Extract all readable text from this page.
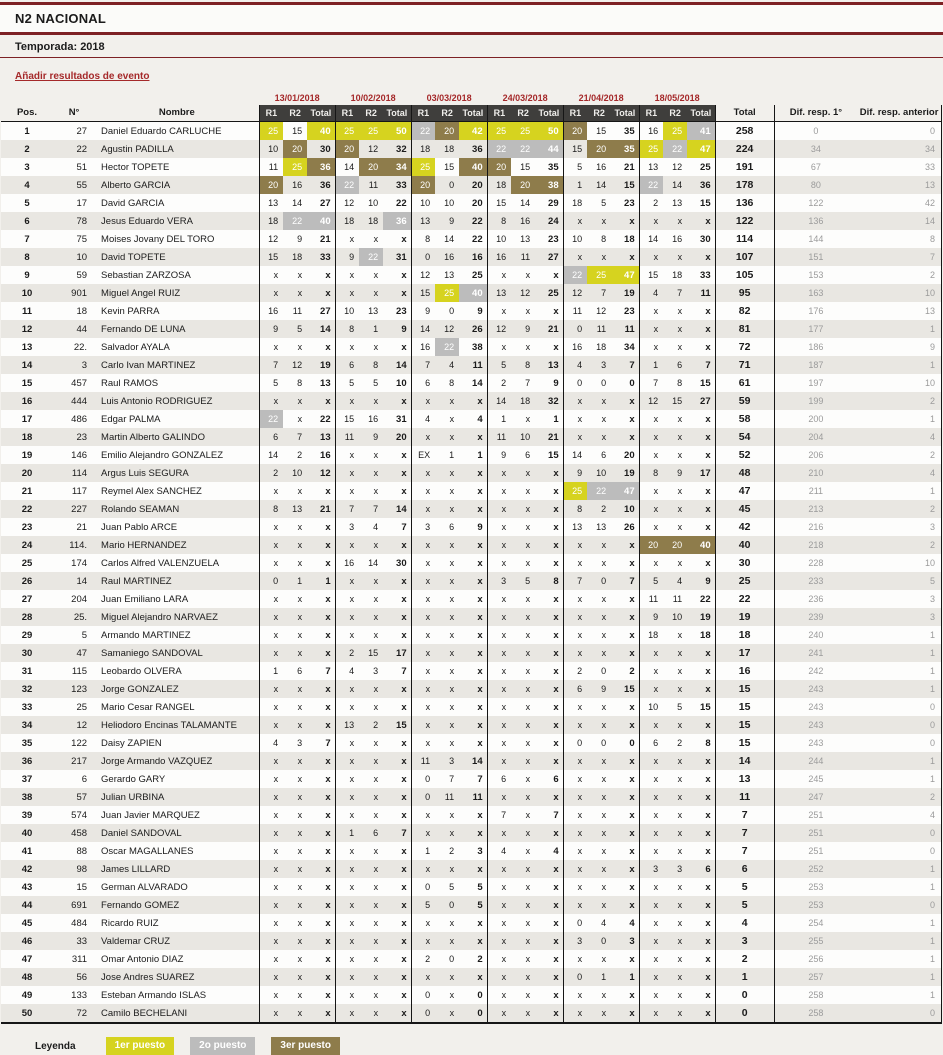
N2 NACIONAL
Temporada: 2018
Añadir resultados de evento
			13/01/2018			10/02/2018			03/03/2018			24/03/2018			21/04/2018			18/05/2018					
Pos.	N°	Nombre	R1	R2	Total	R1	R2	Total	R1	R2	Total	R1	R2	Total	R1	R2	Total	R1	R2	Total	Total	Dif. resp. 1°	Dif. resp. anterior
1	27	Daniel Eduardo CARLUCHE	25	15	40	25	25	50	22	20	42	25	25	50	20	15	35	16	25	41	258	0	0
2	22	Agustin PADILLA	10	20	30	20	12	32	18	18	36	22	22	44	15	20	35	25	22	47	224	34	34
3	51	Hector TOPETE	11	25	36	14	20	34	25	15	40	20	15	35	5	16	21	13	12	25	191	67	33
4	55	Alberto GARCIA	20	16	36	22	11	33	20	0	20	18	20	38	1	14	15	22	14	36	178	80	13
5	17	David GARCIA	13	14	27	12	10	22	10	10	20	15	14	29	18	5	23	2	13	15	136	122	42
6	78	Jesus Eduardo VERA	18	22	40	18	18	36	13	9	22	8	16	24	x	x	x	x	x	x	122	136	14
7	75	Moises Jovany DEL TORO	12	9	21	x	x	x	8	14	22	10	13	23	10	8	18	14	16	30	114	144	8
8	10	David TOPETE	15	18	33	9	22	31	0	16	16	16	11	27	x	x	x	x	x	x	107	151	7
9	59	Sebastian ZARZOSA	x	x	x	x	x	x	12	13	25	x	x	x	22	25	47	15	18	33	105	153	2
10	901	Miguel Angel RUIZ	x	x	x	x	x	x	15	25	40	13	12	25	12	7	19	4	7	11	95	163	10
11	18	Kevin PARRA	16	11	27	10	13	23	9	0	9	x	x	x	11	12	23	x	x	x	82	176	13
12	44	Fernando DE LUNA	9	5	14	8	1	9	14	12	26	12	9	21	0	11	11	x	x	x	81	177	1
13	22.	Salvador AYALA	x	x	x	x	x	x	16	22	38	x	x	x	16	18	34	x	x	x	72	186	9
14	3	Carlo Ivan MARTINEZ	7	12	19	6	8	14	7	4	11	5	8	13	4	3	7	1	6	7	71	187	1
15	457	Raul RAMOS	5	8	13	5	5	10	6	8	14	2	7	9	0	0	0	7	8	15	61	197	10
16	444	Luis Antonio RODRIGUEZ	x	x	x	x	x	x	x	x	x	14	18	32	x	x	x	12	15	27	59	199	2
17	486	Edgar PALMA	22	x	22	15	16	31	4	x	4	1	x	1	x	x	x	x	x	x	58	200	1
18	23	Martin Alberto GALINDO	6	7	13	11	9	20	x	x	x	11	10	21	x	x	x	x	x	x	54	204	4
19	146	Emilio Alejandro GONZALEZ	14	2	16	x	x	x	EX	1	1	9	6	15	14	6	20	x	x	x	52	206	2
20	114	Argus Luis SEGURA	2	10	12	x	x	x	x	x	x	x	x	x	9	10	19	8	9	17	48	210	4
21	117	Reymel Alex SANCHEZ	x	x	x	x	x	x	x	x	x	x	x	x	25	22	47	x	x	x	47	211	1
22	227	Rolando SEAMAN	8	13	21	7	7	14	x	x	x	x	x	x	8	2	10	x	x	x	45	213	2
23	21	Juan Pablo ARCE	x	x	x	3	4	7	3	6	9	x	x	x	13	13	26	x	x	x	42	216	3
24	114.	Mario HERNANDEZ	x	x	x	x	x	x	x	x	x	x	x	x	x	x	x	20	20	40	40	218	2
25	174	Carlos Alfred VALENZUELA	x	x	x	16	14	30	x	x	x	x	x	x	x	x	x	x	x	x	30	228	10
26	14	Raul MARTINEZ	0	1	1	x	x	x	x	x	x	3	5	8	7	0	7	5	4	9	25	233	5
27	204	Juan Emiliano LARA	x	x	x	x	x	x	x	x	x	x	x	x	x	x	x	11	11	22	22	236	3
28	25.	Miguel Alejandro NARVAEZ	x	x	x	x	x	x	x	x	x	x	x	x	x	x	x	9	10	19	19	239	3
29	5	Armando MARTINEZ	x	x	x	x	x	x	x	x	x	x	x	x	x	x	x	18	x	18	18	240	1
30	47	Samaniego SANDOVAL	x	x	x	2	15	17	x	x	x	x	x	x	x	x	x	x	x	x	17	241	1
31	115	Leobardo OLVERA	1	6	7	4	3	7	x	x	x	x	x	x	2	0	2	x	x	x	16	242	1
32	123	Jorge GONZALEZ	x	x	x	x	x	x	x	x	x	x	x	x	6	9	15	x	x	x	15	243	1
33	25	Mario Cesar RANGEL	x	x	x	x	x	x	x	x	x	x	x	x	x	x	x	10	5	15	15	243	0
34	12	Heliodoro Encinas TALAMANTE	x	x	x	13	2	15	x	x	x	x	x	x	x	x	x	x	x	x	15	243	0
35	122	Daisy ZAPIEN	4	3	7	x	x	x	x	x	x	x	x	x	0	0	0	6	2	8	15	243	0
36	217	Jorge Armando VAZQUEZ	x	x	x	x	x	x	11	3	14	x	x	x	x	x	x	x	x	x	14	244	1
37	6	Gerardo GARY	x	x	x	x	x	x	0	7	7	6	x	6	x	x	x	x	x	x	13	245	1
38	57	Julian URBINA	x	x	x	x	x	x	0	11	11	x	x	x	x	x	x	x	x	x	11	247	2
39	574	Juan Javier MARQUEZ	x	x	x	x	x	x	x	x	x	7	x	7	x	x	x	x	x	x	7	251	4
40	458	Daniel SANDOVAL	x	x	x	1	6	7	x	x	x	x	x	x	x	x	x	x	x	x	7	251	0
41	88	Oscar MAGALLANES	x	x	x	x	x	x	1	2	3	4	x	4	x	x	x	x	x	x	7	251	0
42	98	James LILLARD	x	x	x	x	x	x	x	x	x	x	x	x	x	x	x	3	3	6	6	252	1
43	15	German ALVARADO	x	x	x	x	x	x	0	5	5	x	x	x	x	x	x	x	x	x	5	253	1
44	691	Fernando GOMEZ	x	x	x	x	x	x	5	0	5	x	x	x	x	x	x	x	x	x	5	253	0
45	484	Ricardo RUIZ	x	x	x	x	x	x	x	x	x	x	x	x	0	4	4	x	x	x	4	254	1
46	33	Valdemar CRUZ	x	x	x	x	x	x	x	x	x	x	x	x	3	0	3	x	x	x	3	255	1
47	311	Omar Antonio DIAZ	x	x	x	x	x	x	2	0	2	x	x	x	x	x	x	x	x	x	2	256	1
48	56	Jose Andres SUAREZ	x	x	x	x	x	x	x	x	x	x	x	x	0	1	1	x	x	x	1	257	1
49	133	Esteban Armando ISLAS	x	x	x	x	x	x	0	x	0	x	x	x	x	x	x	x	x	x	0	258	1
50	72	Camilo BECHELANI	x	x	x	x	x	x	0	x	0	x	x	x	x	x	x	x	x	x	0	258	0
Leyenda	1er puesto	2o puesto	3er puesto
